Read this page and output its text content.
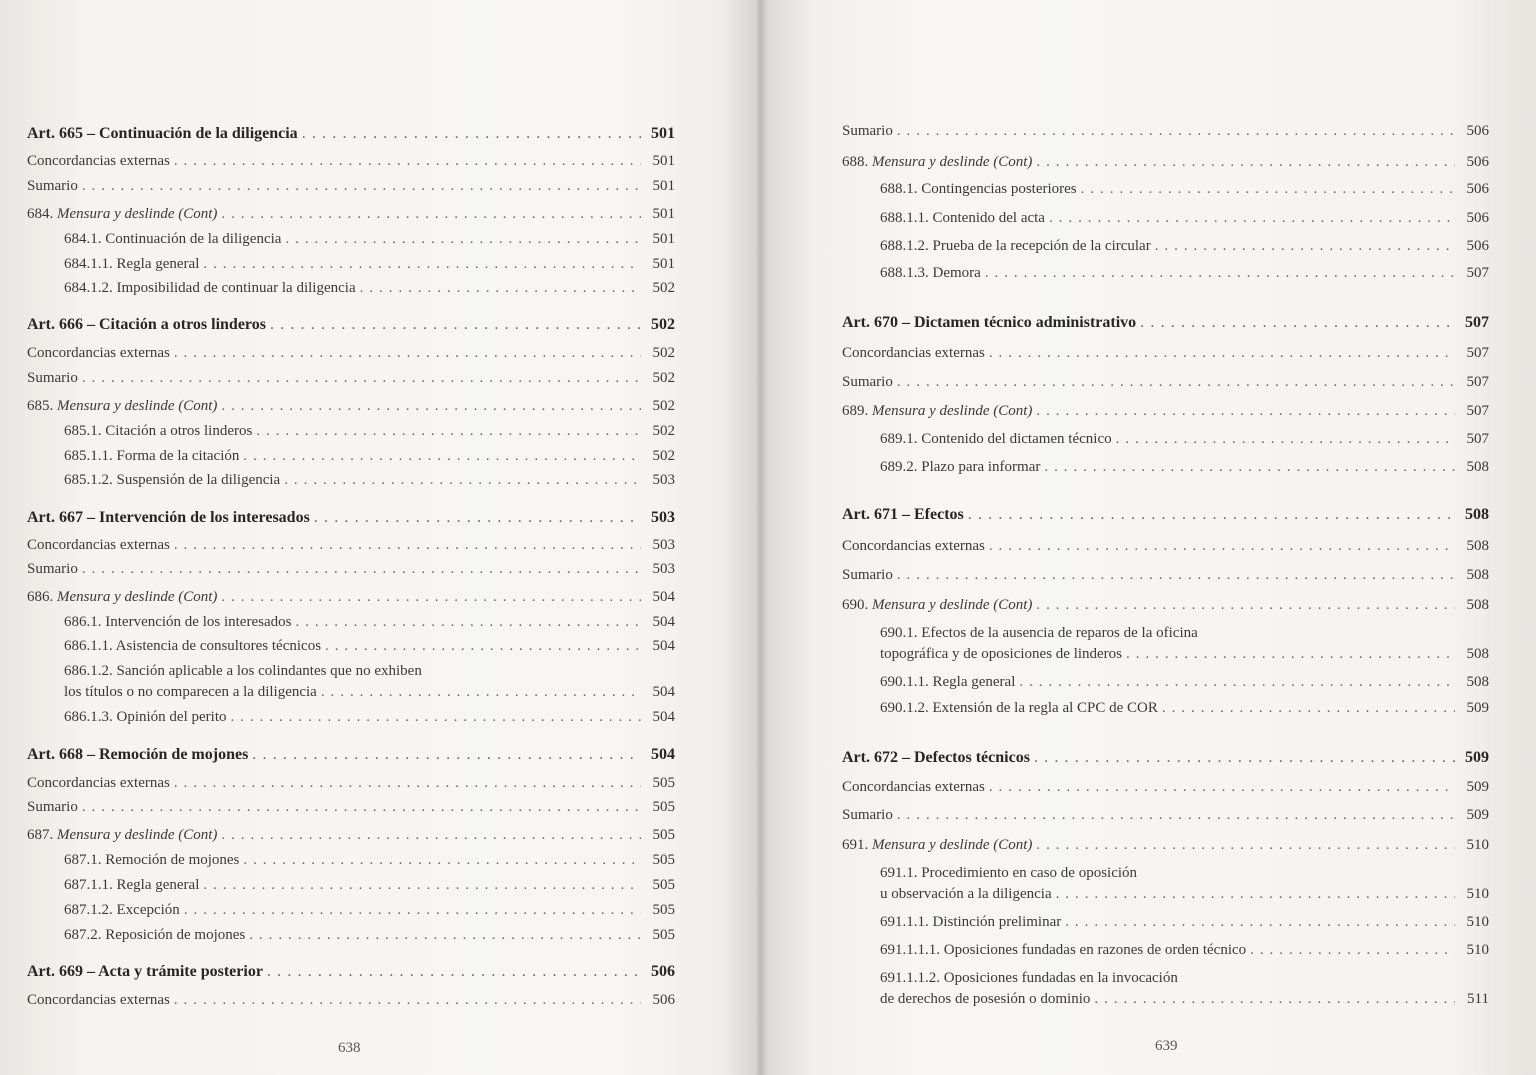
Art. 665 – Continuación de la diligencia . . .	501
Concordancias externas . . .	501
Sumario . . .	501
684. Mensura y deslinde (Cont) . . .	501
684.1. Continuación de la diligencia . . .	501
684.1.1. Regla general . . .	501
684.1.2. Imposibilidad de continuar la diligencia . . .	502
Art. 666 – Citación a otros linderos . . .	502
Concordancias externas . . .	502
Sumario . . .	502
685. Mensura y deslinde (Cont) . . .	502
685.1. Citación a otros linderos . . .	502
685.1.1. Forma de la citación . . .	502
685.1.2. Suspensión de la diligencia . . .	503
Art. 667 – Intervención de los interesados . . .	503
Concordancias externas . . .	503
Sumario . . .	503
686. Mensura y deslinde (Cont) . . .	504
686.1. Intervención de los interesados . . .	504
686.1.1. Asistencia de consultores técnicos . . .	504
686.1.2. Sanción aplicable a los colindantes que no exhiben
los títulos o no comparecen a la diligencia . . .	504
686.1.3. Opinión del perito . . .	504
Art. 668 – Remoción de mojones . . .	504
Concordancias externas . . .	505
Sumario . . .	505
687. Mensura y deslinde (Cont) . . .	505
687.1. Remoción de mojones . . .	505
687.1.1. Regla general . . .	505
687.1.2. Excepción . . .	505
687.2. Reposición de mojones . . .	505
Art. 669 – Acta y trámite posterior . . .	506
Concordancias externas . . .	506
Sumario . . .	506
688. Mensura y deslinde (Cont) . . .	506
688.1. Contingencias posteriores . . .	506
688.1.1. Contenido del acta . . .	506
688.1.2. Prueba de la recepción de la circular . . .	506
688.1.3. Demora . . .	507
Art. 670 – Dictamen técnico administrativo . . .	507
Concordancias externas . . .	507
Sumario . . .	507
689. Mensura y deslinde (Cont) . . .	507
689.1. Contenido del dictamen técnico . . .	507
689.2. Plazo para informar . . .	508
Art. 671 – Efectos . . .	508
Concordancias externas . . .	508
Sumario . . .	508
690. Mensura y deslinde (Cont) . . .	508
690.1. Efectos de la ausencia de reparos de la oficina
topográfica y de oposiciones de linderos . . .	508
690.1.1. Regla general . . .	508
690.1.2. Extensión de la regla al CPC de COR . . .	509
Art. 672 – Defectos técnicos . . .	509
Concordancias externas . . .	509
Sumario . . .	509
691. Mensura y deslinde (Cont) . . .	510
691.1. Procedimiento en caso de oposición
u observación a la diligencia . . .	510
691.1.1. Distinción preliminar . . .	510
691.1.1.1. Oposiciones fundadas en razones de orden técnico . . .	510
691.1.1.2. Oposiciones fundadas en la invocación
de derechos de posesión o dominio . . .	511
638	639
